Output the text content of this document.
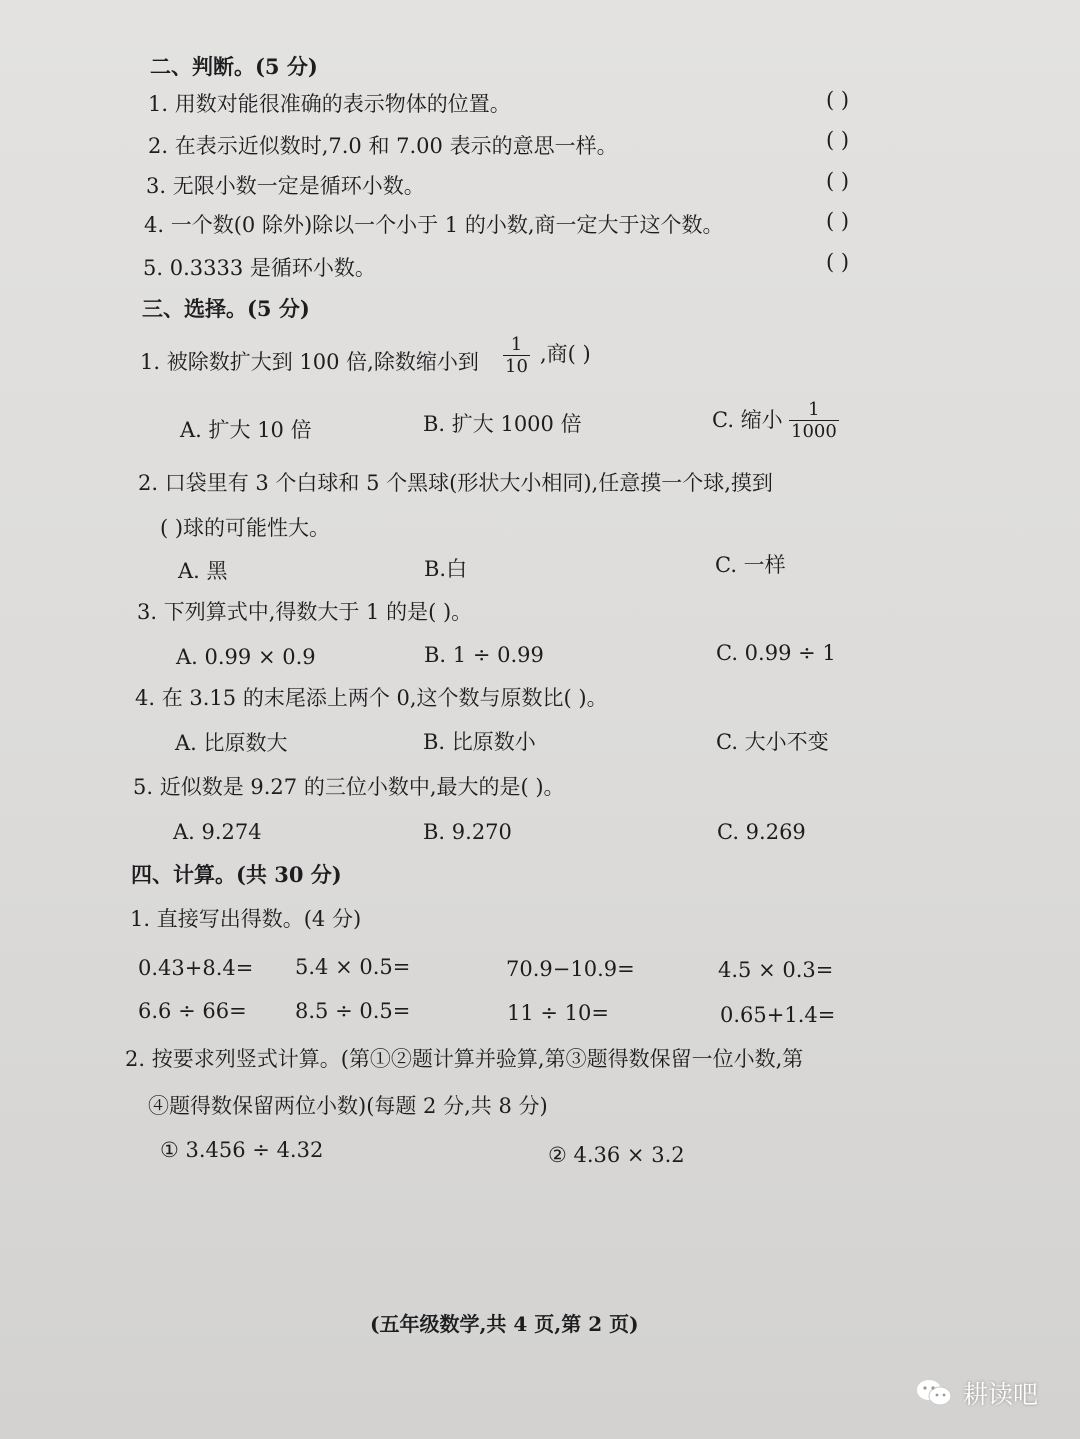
二、判断。(5 分)
1. 用数对能很准确的表示物体的位置。	( )
2. 在表示近似数时,7.0 和 7.00 表示的意思一样。	( )
3. 无限小数一定是循环小数。	( )
4. 一个数(0 除外)除以一个小于 1 的小数,商一定大于这个数。	( )
5. 0.3333 是循环小数。	( )
三、选择。(5 分)
1. 被除数扩大到 100 倍,除数缩小到
1
10
,商( )
A. 扩大 10 倍	B. 扩大 1000 倍	C. 缩小 1
1000
2. 口袋里有 3 个白球和 5 个黑球(形状大小相同),任意摸一个球,摸到
( )球的可能性大。
A. 黑	B.白	C. 一样
3. 下列算式中,得数大于 1 的是( )。
A. 0.99 × 0.9	B. 1 ÷ 0.99	C. 0.99 ÷ 1
4. 在 3.15 的末尾添上两个 0,这个数与原数比( )。
A. 比原数大	B. 比原数小	C. 大小不变
5. 近似数是 9.27 的三位小数中,最大的是( )。
A. 9.274	B. 9.270	C. 9.269
四、计算。(共 30 分)
1. 直接写出得数。(4 分)
0.43+8.4= 5.4 × 0.5=	70.9−10.9=	4.5 × 0.3=
6.6 ÷ 66= 8.5 ÷ 0.5=	11 ÷ 10=	0.65+1.4=
2. 按要求列竖式计算。(第①②题计算并验算,第③题得数保留一位小数,第
④题得数保留两位小数)(每题 2 分,共 8 分)
① 3.456 ÷ 4.32	② 4.36 × 3.2
(五年级数学,共 4 页,第 2 页)
耕读吧
